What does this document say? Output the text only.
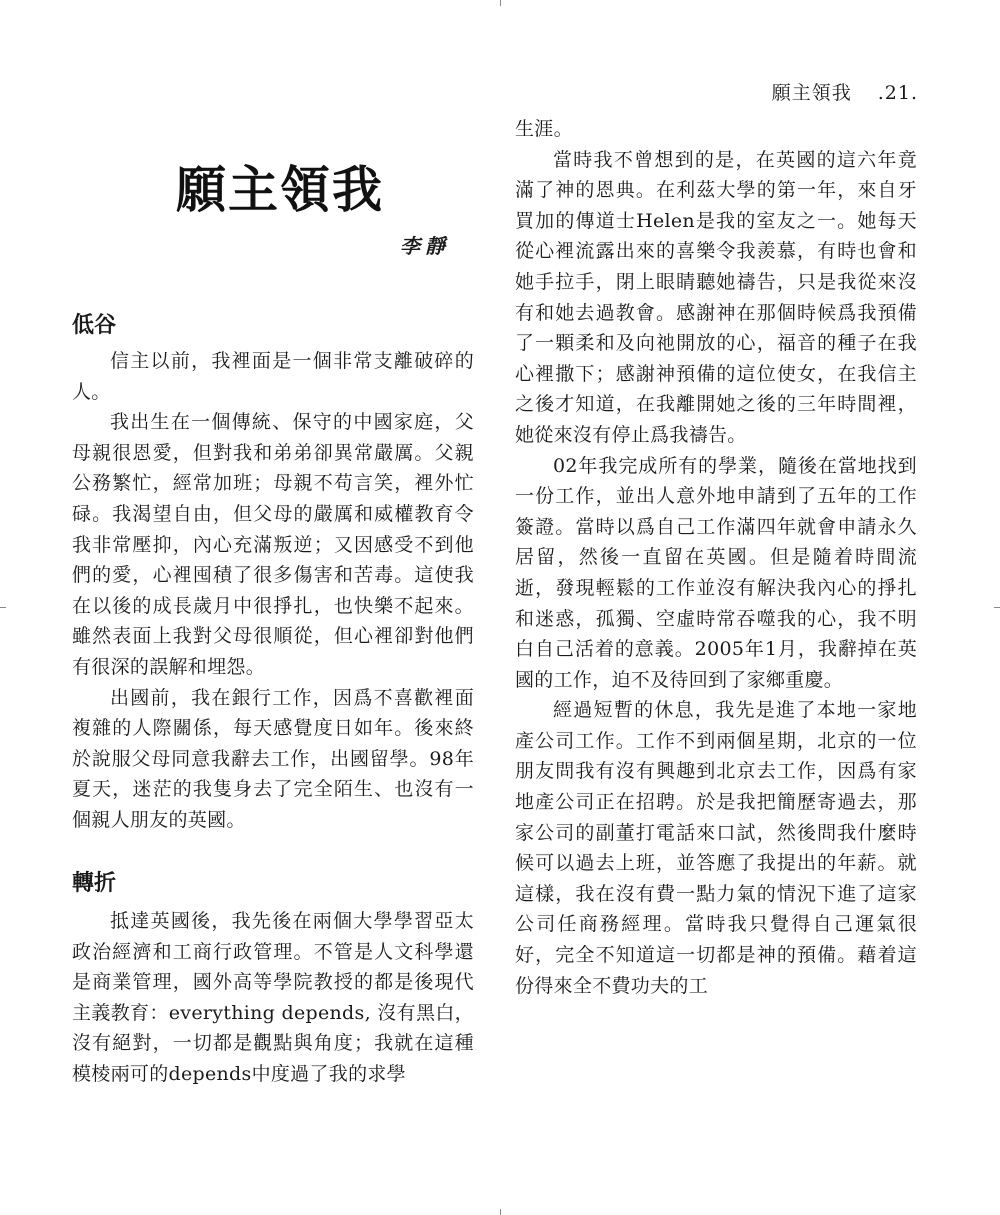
願主領我 .21.
願主領我
李靜
低谷

信主以前，我裡面是一個非常支離破碎的人。

我出生在一個傳統、保守的中國家庭，父母親很恩愛，但對我和弟弟卻異常嚴厲。父親公務繁忙，經常加班；母親不苟言笑，裡外忙碌。我渴望自由，但父母的嚴厲和威權教育令我非常壓抑，內心充滿叛逆；又因感受不到他們的愛，心裡囤積了很多傷害和苦毒。這使我在以後的成長歲月中很掙扎，也快樂不起來。雖然表面上我對父母很順從，但心裡卻對他們有很深的誤解和埋怨。

出國前，我在銀行工作，因爲不喜歡裡面複雜的人際關係，每天感覺度日如年。後來終於說服父母同意我辭去工作，出國留學。98年夏天，迷茫的我隻身去了完全陌生、也沒有一個親人朋友的英國。

轉折

抵達英國後，我先後在兩個大學學習亞太政治經濟和工商行政管理。不管是人文科學還是商業管理，國外高等學院教授的都是後現代主義教育：everything depends, 沒有黑白，沒有絕對，一切都是觀點與角度；我就在這種模棱兩可的depends中度過了我的求學

生涯。

當時我不曾想到的是，在英國的這六年竟滿了神的恩典。在利茲大學的第一年，來自牙買加的傳道士Helen是我的室友之一。她每天從心裡流露出來的喜樂令我羨慕，有時也會和她手拉手，閉上眼睛聽她禱告，只是我從來沒有和她去過教會。感謝神在那個時候爲我預備了一顆柔和及向祂開放的心，福音的種子在我心裡撒下；感謝神預備的這位使女，在我信主之後才知道，在我離開她之後的三年時間裡，她從來沒有停止爲我禱告。

02年我完成所有的學業，隨後在當地找到一份工作，並出人意外地申請到了五年的工作簽證。當時以爲自己工作滿四年就會申請永久居留，然後一直留在英國。但是隨着時間流逝，發現輕鬆的工作並沒有解決我內心的掙扎和迷惑，孤獨、空虛時常吞噬我的心，我不明白自己活着的意義。2005年1月，我辭掉在英國的工作，迫不及待回到了家鄉重慶。

經過短暫的休息，我先是進了本地一家地產公司工作。工作不到兩個星期，北京的一位朋友問我有沒有興趣到北京去工作，因爲有家地產公司正在招聘。於是我把簡歷寄過去，那家公司的副董打電話來口試，然後問我什麼時候可以過去上班，並答應了我提出的年薪。就這樣，我在沒有費一點力氣的情況下進了這家公司任商務經理。當時我只覺得自己運氣很好，完全不知道這一切都是神的預備。藉着這份得來全不費功夫的工
